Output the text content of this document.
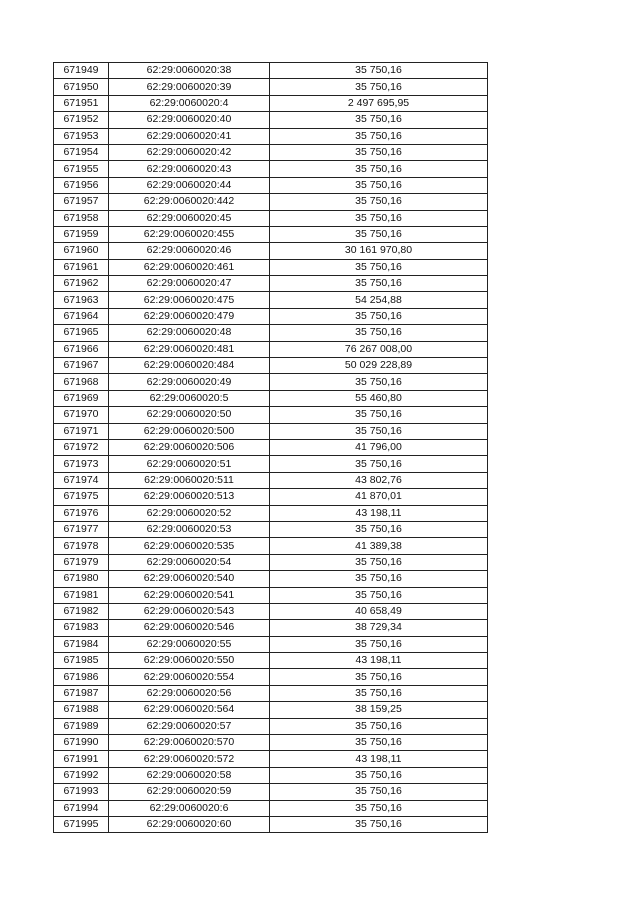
671949	62:29:0060020:38	35 750,16
671950	62:29:0060020:39	35 750,16
671951	62:29:0060020:4	2 497 695,95
671952	62:29:0060020:40	35 750,16
671953	62:29:0060020:41	35 750,16
671954	62:29:0060020:42	35 750,16
671955	62:29:0060020:43	35 750,16
671956	62:29:0060020:44	35 750,16
671957	62:29:0060020:442	35 750,16
671958	62:29:0060020:45	35 750,16
671959	62:29:0060020:455	35 750,16
671960	62:29:0060020:46	30 161 970,80
671961	62:29:0060020:461	35 750,16
671962	62:29:0060020:47	35 750,16
671963	62:29:0060020:475	54 254,88
671964	62:29:0060020:479	35 750,16
671965	62:29:0060020:48	35 750,16
671966	62:29:0060020:481	76 267 008,00
671967	62:29:0060020:484	50 029 228,89
671968	62:29:0060020:49	35 750,16
671969	62:29:0060020:5	55 460,80
671970	62:29:0060020:50	35 750,16
671971	62:29:0060020:500	35 750,16
671972	62:29:0060020:506	41 796,00
671973	62:29:0060020:51	35 750,16
671974	62:29:0060020:511	43 802,76
671975	62:29:0060020:513	41 870,01
671976	62:29:0060020:52	43 198,11
671977	62:29:0060020:53	35 750,16
671978	62:29:0060020:535	41 389,38
671979	62:29:0060020:54	35 750,16
671980	62:29:0060020:540	35 750,16
671981	62:29:0060020:541	35 750,16
671982	62:29:0060020:543	40 658,49
671983	62:29:0060020:546	38 729,34
671984	62:29:0060020:55	35 750,16
671985	62:29:0060020:550	43 198,11
671986	62:29:0060020:554	35 750,16
671987	62:29:0060020:56	35 750,16
671988	62:29:0060020:564	38 159,25
671989	62:29:0060020:57	35 750,16
671990	62:29:0060020:570	35 750,16
671991	62:29:0060020:572	43 198,11
671992	62:29:0060020:58	35 750,16
671993	62:29:0060020:59	35 750,16
671994	62:29:0060020:6	35 750,16
671995	62:29:0060020:60	35 750,16
